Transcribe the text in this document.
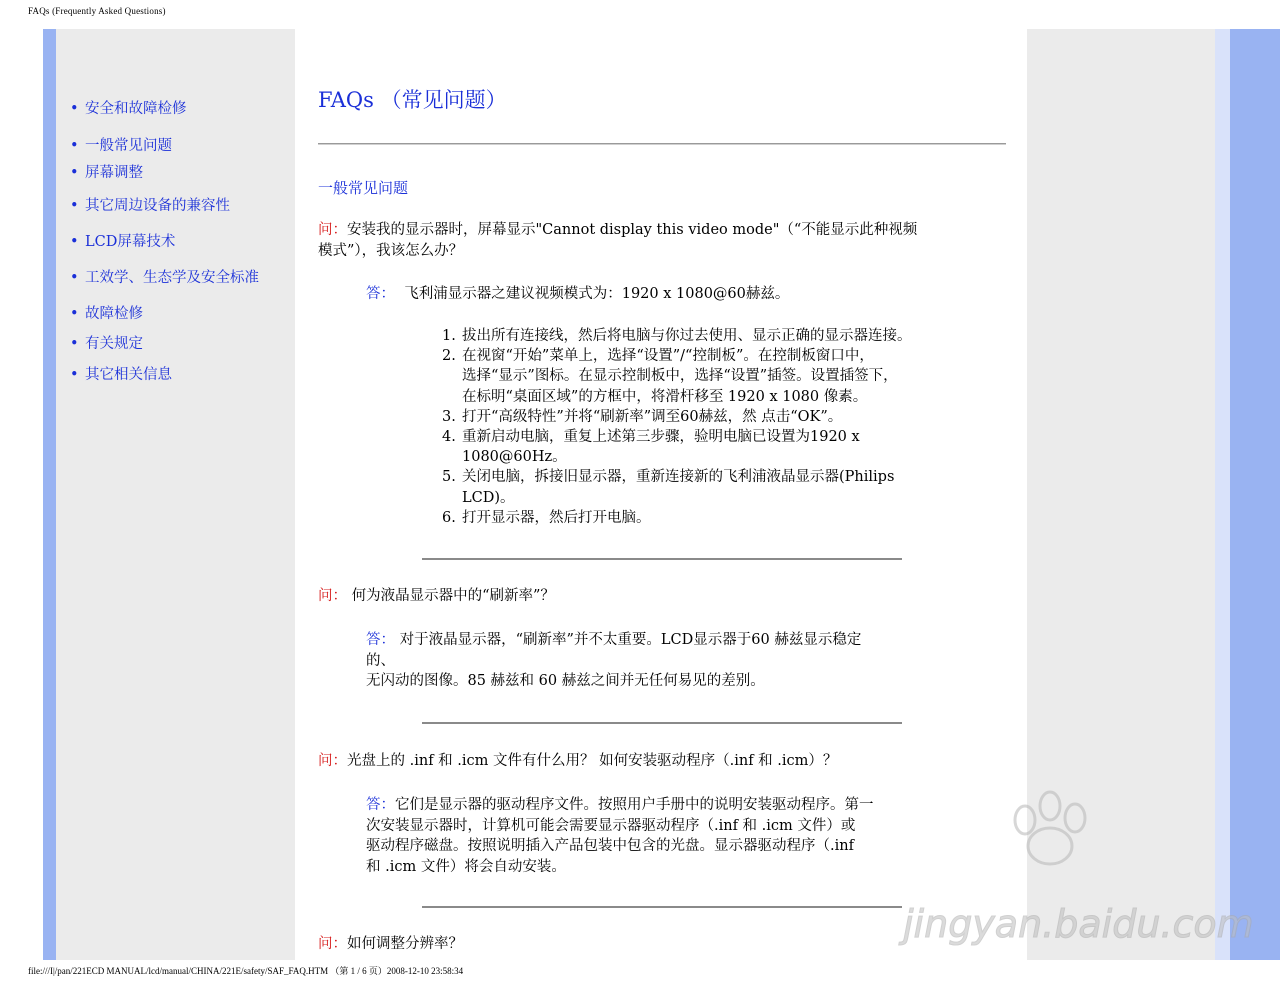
FAQs (Frequently Asked Questions)
• 安全和故障检修
• 一般常见问题
• 屏幕调整
• 其它周边设备的兼容性
• LCD屏幕技术
• 工效学、生态学及安全标准
• 故障检修
• 有关规定
• 其它相关信息
FAQs （常见问题）
一般常见问题
问：安装我的显示器时，屏幕显示"Cannot display this video mode"（“不能显示此种视频
模式”），我该怎么办？
答： 飞利浦显示器之建议视频模式为：1920 x 1080@60赫兹。
1. 拔出所有连接线，然后将电脑与你过去使用、显示正确的显示器连接。
2. 在视窗“开始”菜单上，选择“设置”/“控制板”。在控制板窗口中，
选择“显示”图标。在显示控制板中，选择“设置”插签。设置插签下，
在标明“桌面区域”的方框中，将滑杆移至 1920 x 1080 像素。
3. 打开“高级特性”并将“刷新率”调至60赫兹，然 点击“OK”。
4. 重新启动电脑，重复上述第三步骤，验明电脑已设置为1920 x
1080@60Hz。
5. 关闭电脑，拆接旧显示器，重新连接新的飞利浦液晶显示器(Philips
LCD)。
6. 打开显示器，然后打开电脑。
问： 何为液晶显示器中的“刷新率”？
答： 对于液晶显示器，“刷新率”并不太重要。LCD显示器于60 赫兹显示稳定
的、
无闪动的图像。85 赫兹和 60 赫兹之间并无任何易见的差别。
问：光盘上的 .inf 和 .icm 文件有什么用？ 如何安装驱动程序（.inf 和 .icm）？
答：它们是显示器的驱动程序文件。按照用户手册中的说明安装驱动程序。第一
次安装显示器时，计算机可能会需要显示器驱动程序（.inf 和 .icm 文件）或
驱动程序磁盘。按照说明插入产品包装中包含的光盘。显示器驱动程序（.inf
和 .icm 文件）将会自动安装。
问：如何调整分辨率？	jingyan.baidu.com
file:///I|/pan/221ECD MANUAL/lcd/manual/CHINA/221E/safety/SAF_FAQ.HTM （第 1 / 6 页）2008-12-10 23:58:34
